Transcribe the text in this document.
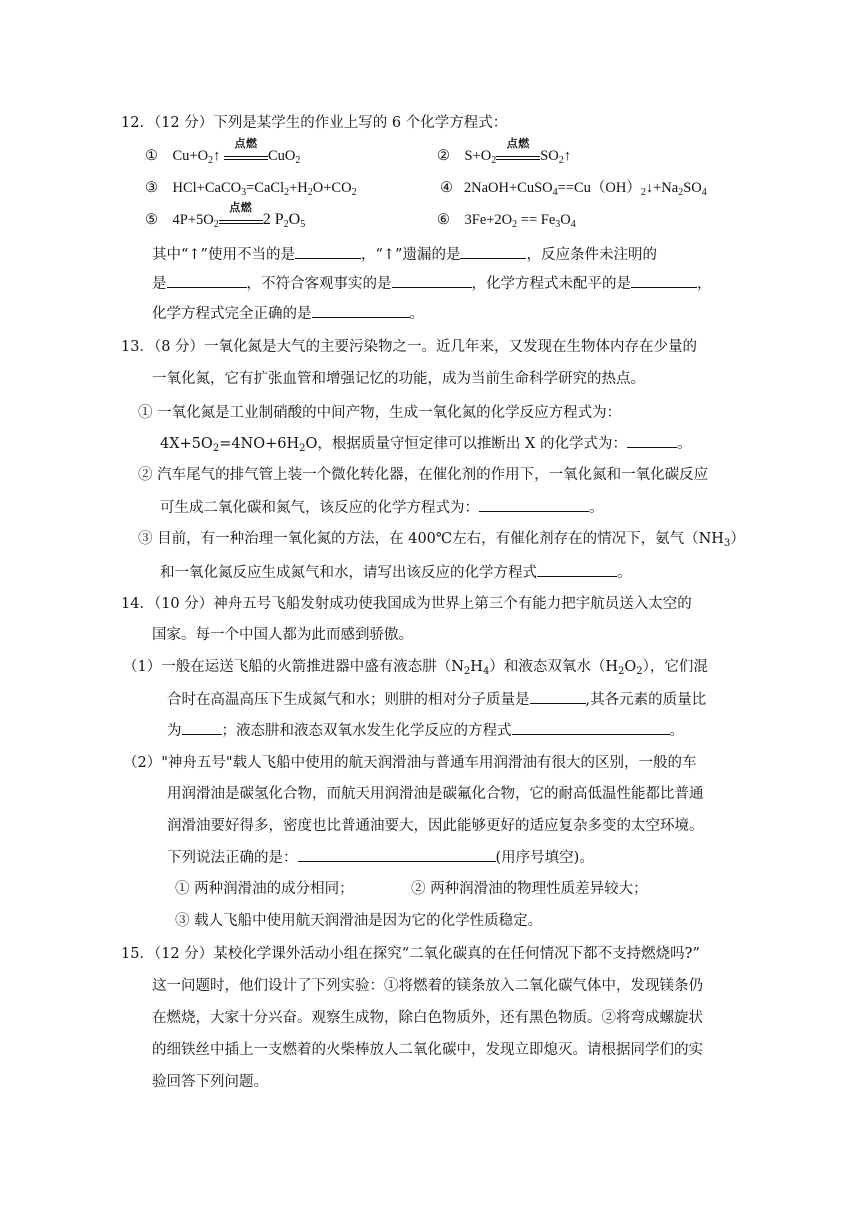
12．（12 分）下列是某学生的作业上写的 6 个化学方程式：
① $Cu+O_2↑$
点燃
CuO$_2$	② $S+O_2$
点燃
$SO_2↑$
③ $HCl+CaCO_3=CaCl_2+H_2O+CO_2$	④ $2NaOH+CuSO_4==Cu(OH)_2↓+Na_2SO_4$
⑤ $4P+5O_2$
点燃
2 $P_2O_5$	⑥ $3Fe+2O_2 == Fe_3O_4$
其中“↑”使用不当的是	，“↑”遗漏的是	，反应条件未注明的
是	，不符合客观事实的是	，化学方程式未配平的是	，
化学方程式完全正确的是	。
13．（8 分）一氧化氮是大气的主要污染物之一。近几年来，又发现在生物体内存在少量的
一氧化氮，它有扩张血管和增强记忆的功能，成为当前生命科学研究的热点。
① 一氧化氮是工业制硝酸的中间产物，生成一氧化氮的化学反应方程式为：
$4X+5O_2=4NO+6H_2O$，根据质量守恒定律可以推断出 X 的化学式为：	。
② 汽车尾气的排气管上装一个微化转化器，在催化剂的作用下，一氧化氮和一氧化碳反应
可生成二氧化碳和氮气，该反应的化学方程式为：	。
③ 目前，有一种治理一氧化氮的方法，在 400℃左右，有催化剂存在的情况下，氨气$(NH_3)$
和一氧化氮反应生成氮气和水，请写出该反应的化学方程式	。
14．（10 分）神舟五号飞船发射成功使我国成为世界上第三个有能力把宇航员送入太空的
国家。每一个中国人都为此而感到骄傲。
（1）一般在运送飞船的火箭推进器中盛有液态肼$(N_2H_4)$和液态双氧水$(H_2O_2)$，它们混
合时在高温高压下生成氮气和水；则肼的相对分子质量是	,其各元素的质量比
为	；液态肼和液态双氧水发生化学反应的方程式	。
（2）"神舟五号"载人飞船中使用的航天润滑油与普通车用润滑油有很大的区别，一般的车
用润滑油是碳氢化合物，而航天用润滑油是碳氟化合物，它的耐高低温性能都比普通
润滑油要好得多，密度也比普通油要大，因此能够更好的适应复杂多变的太空环境。
下列说法正确的是：	(用序号填空)。
① 两种润滑油的成分相同；	② 两种润滑油的物理性质差异较大；
③ 载人飞船中使用航天润滑油是因为它的化学性质稳定。
15．（12 分）某校化学课外活动小组在探究“二氧化碳真的在任何情况下都不支持燃烧吗?”
这一问题时，他们设计了下列实验：①将燃着的镁条放入二氧化碳气体中，发现镁条仍
在燃烧，大家十分兴奋。观察生成物，除白色物质外，还有黑色物质。②将弯成螺旋状
的细铁丝中插上一支燃着的火柴棒放人二氧化碳中，发现立即熄灭。请根据同学们的实
验回答下列问题。
